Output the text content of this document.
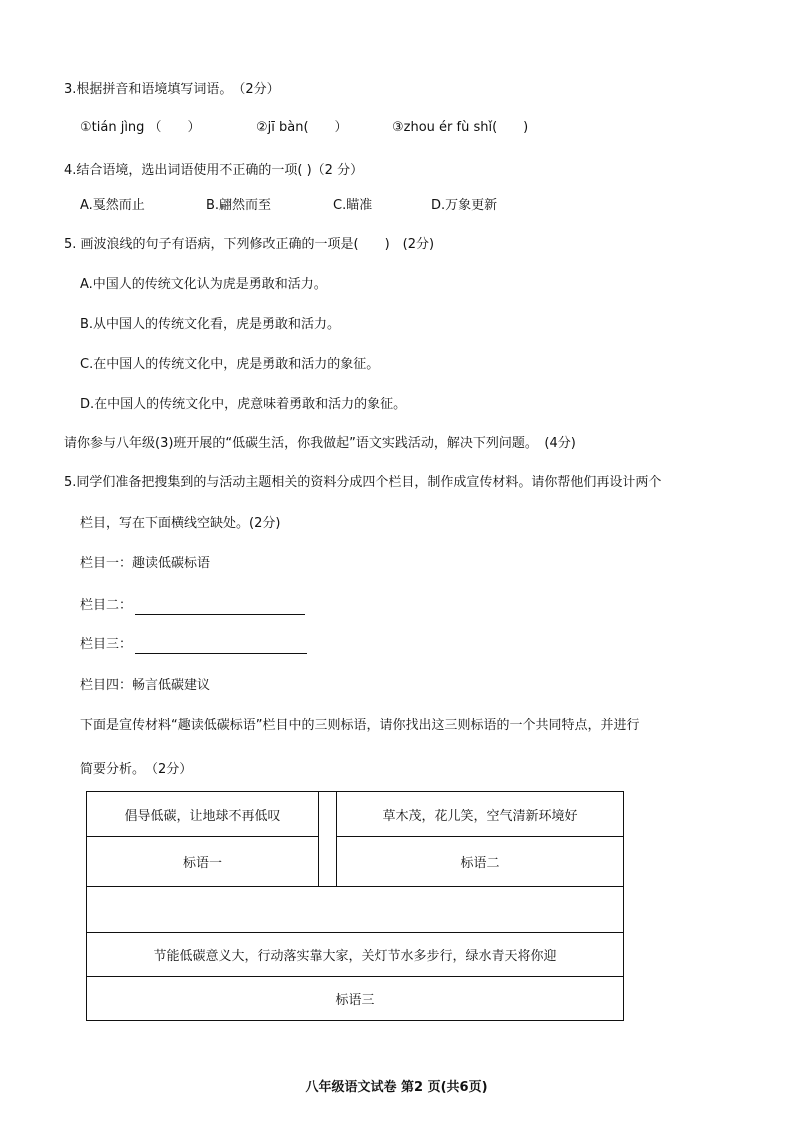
3.根据拼音和语境填写词语。　（2分）
①tián jìng （　　）	②jī bàn(　　）	③zhou ér fù shǐ(　　)
4.结合语境，选出词语使用不正确的一项( )（2 分）
A.戛然而止	B.翩然而至	C.瞄准	D.万象更新
5. 画波浪线的句子有语病，下列修改正确的一项是(　　)　(2分)
A.中国人的传统文化认为虎是勇敢和活力。
B.从中国人的传统文化看，虎是勇敢和活力。
C.在中国人的传统文化中，虎是勇敢和活力的象征。
D.在中国人的传统文化中，虎意味着勇敢和活力的象征。
请你参与八年级(3)班开展的“低碳生活，你我做起”语文实践活动，解决下列问题。　(4分)
5.同学们准备把搜集到的与活动主题相关的资料分成四个栏目，制作成宣传材料。请你帮他们再设计两个
栏目，写在下面横线空缺处。(2分)
栏目一：趣读低碳标语
栏目二：
栏目三：
栏目四：畅言低碳建议
下面是宣传材料“趣读低碳标语”栏目中的三则标语，请你找出这三则标语的一个共同特点，并进行
简要分析。　（2分）
倡导低碳，让地球不再低叹		草木茂，花儿笑，空气清新环境好
标语一		标语二

节能低碳意义大，行动落实靠大家，关灯节水多步行，绿水青天将你迎		
标语三		
八年级语文试卷 第2 页(共6页)
